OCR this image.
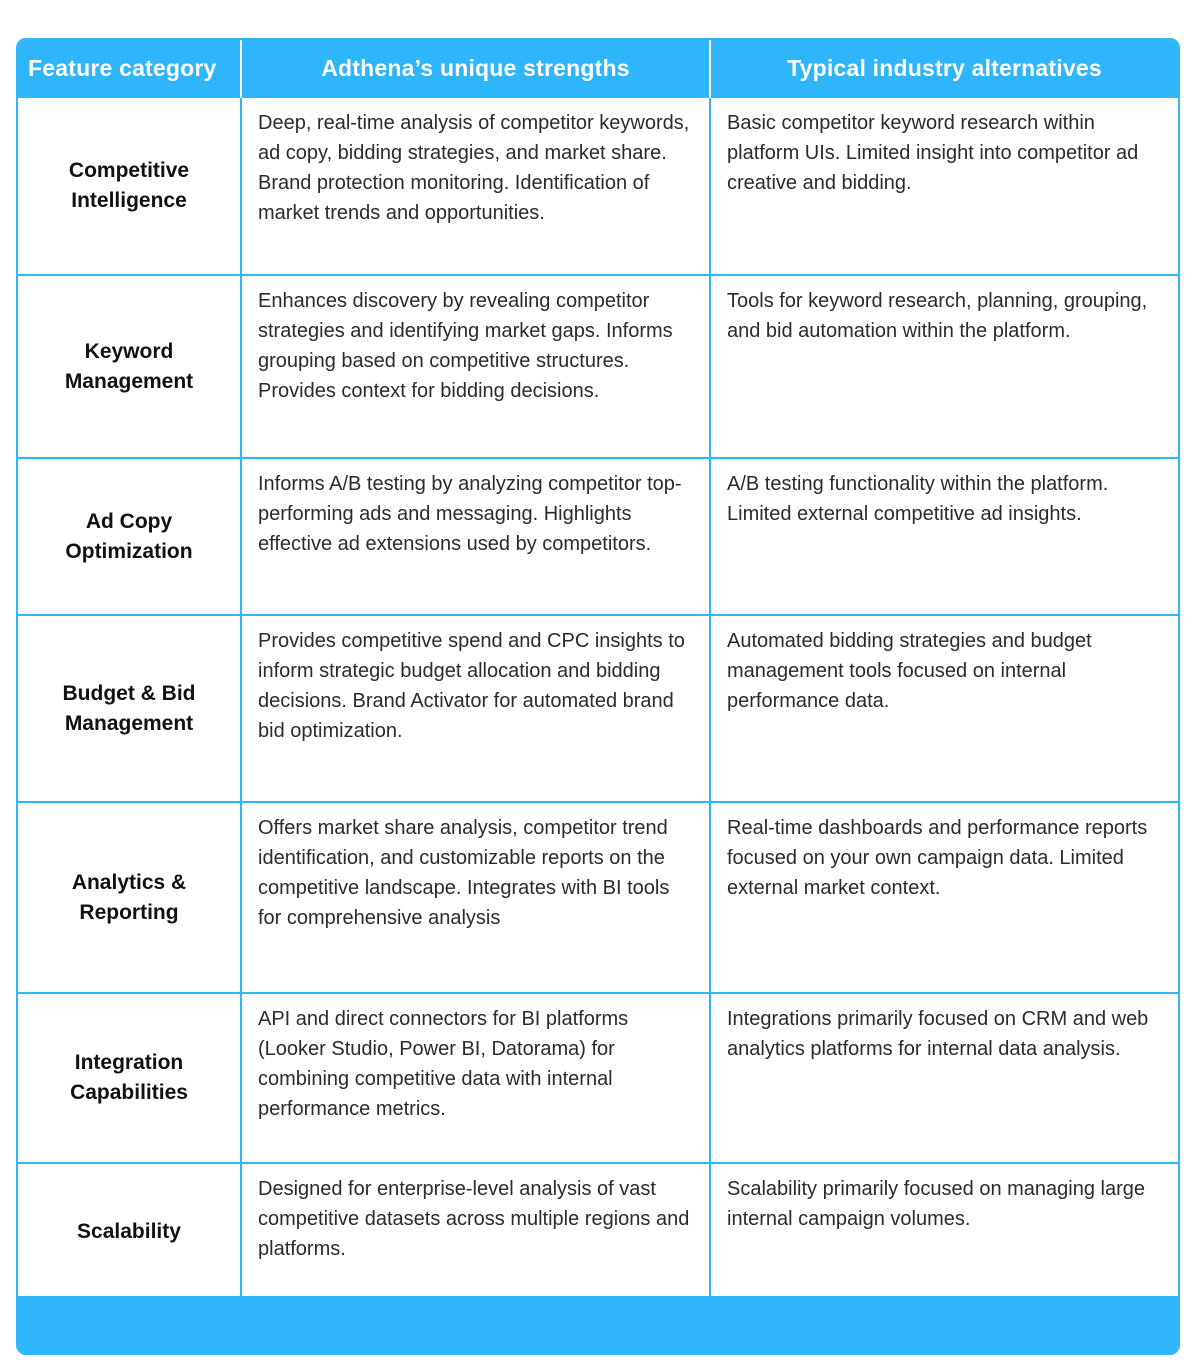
Feature category	Adthena’s unique strengths	Typical industry alternatives
Competitive Intelligence	Deep, real-time analysis of competitor keywords, ad copy, bidding strategies, and market share. Brand protection monitoring. Identification of market trends and opportunities.	Basic competitor keyword research within platform UIs. Limited insight into competitor ad creative and bidding.
Keyword Management	Enhances discovery by revealing competitor strategies and identifying market gaps. Informs grouping based on competitive structures. Provides context for bidding decisions.	Tools for keyword research, planning, grouping, and bid automation within the platform.
Ad Copy Optimization	Informs A/B testing by analyzing competitor top-performing ads and messaging. Highlights effective ad extensions used by competitors.	A/B testing functionality within the platform. Limited external competitive ad insights.
Budget & Bid Management	Provides competitive spend and CPC insights to inform strategic budget allocation and bidding decisions. Brand Activator for automated brand bid optimization.	Automated bidding strategies and budget management tools focused on internal performance data.
Analytics & Reporting	Offers market share analysis, competitor trend identification, and customizable reports on the competitive landscape. Integrates with BI tools for comprehensive analysis	Real-time dashboards and performance reports focused on your own campaign data. Limited external market context.
Integration Capabilities	API and direct connectors for BI platforms (Looker Studio, Power BI, Datorama) for combining competitive data with internal performance metrics.	Integrations primarily focused on CRM and web analytics platforms for internal data analysis.
Scalability	Designed for enterprise-level analysis of vast competitive datasets across multiple regions and platforms.	Scalability primarily focused on managing large internal campaign volumes.
